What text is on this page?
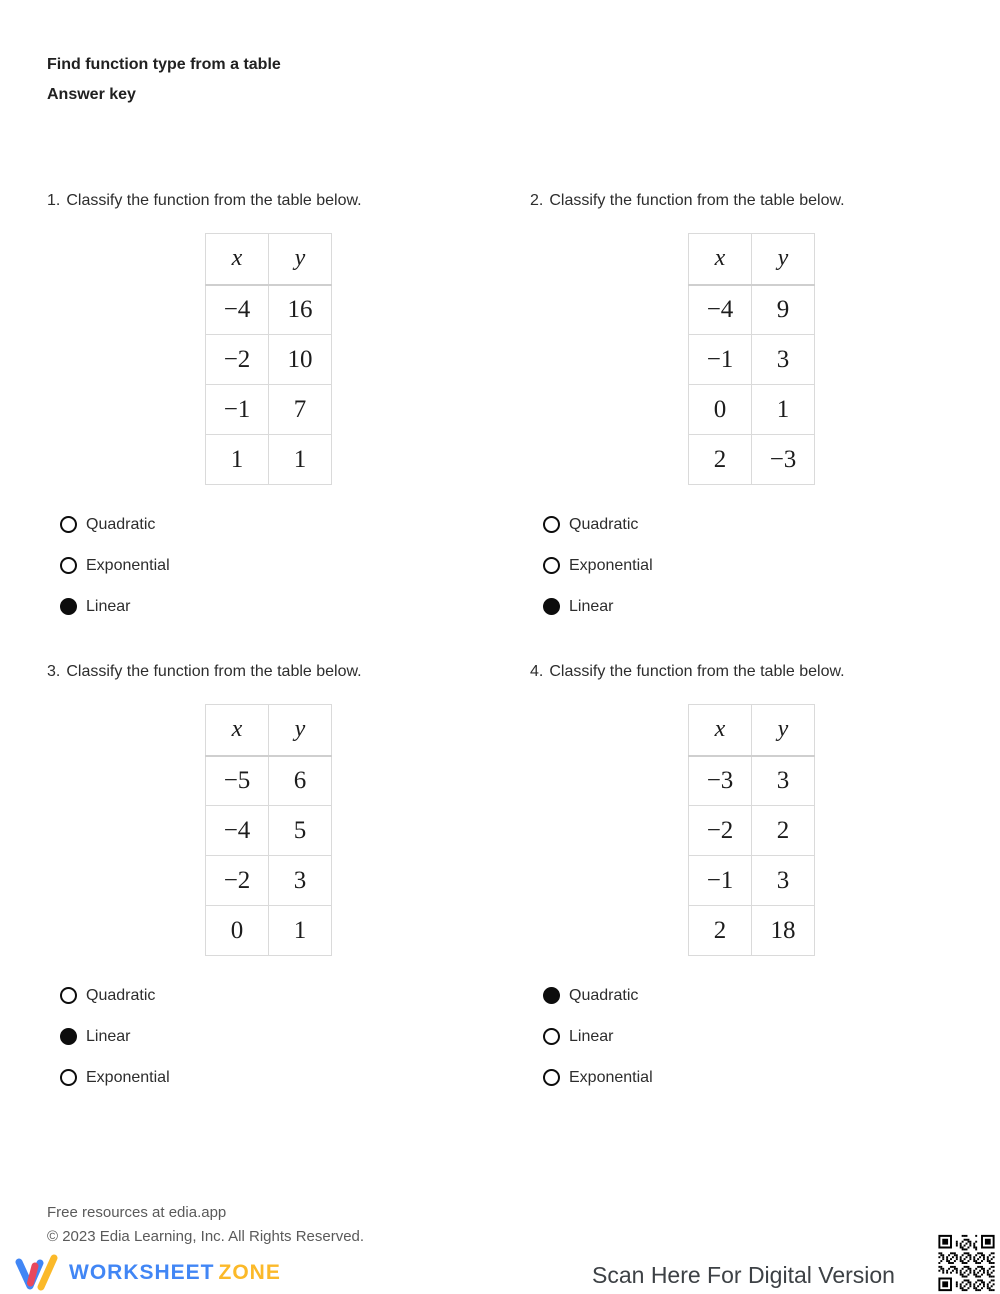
Find function type from a table
Answer key
1. Classify the function from the table below.
x	y
−4	16
−2	10
−1	7
1	1
Quadratic
Exponential
Linear
2. Classify the function from the table below.
x	y
−4	9
−1	3
0	1
2	−3
Quadratic
Exponential
Linear
3. Classify the function from the table below.
x	y
−5	6
−4	5
−2	3
0	1
Quadratic
Linear
Exponential
4. Classify the function from the table below.
x	y
−3	3
−2	2
−1	3
2	18
Quadratic
Linear
Exponential
Free resources at edia.app
© 2023 Edia Learning, Inc. All Rights Reserved.
WORKSHEET ZONE	Scan Here For Digital Version
